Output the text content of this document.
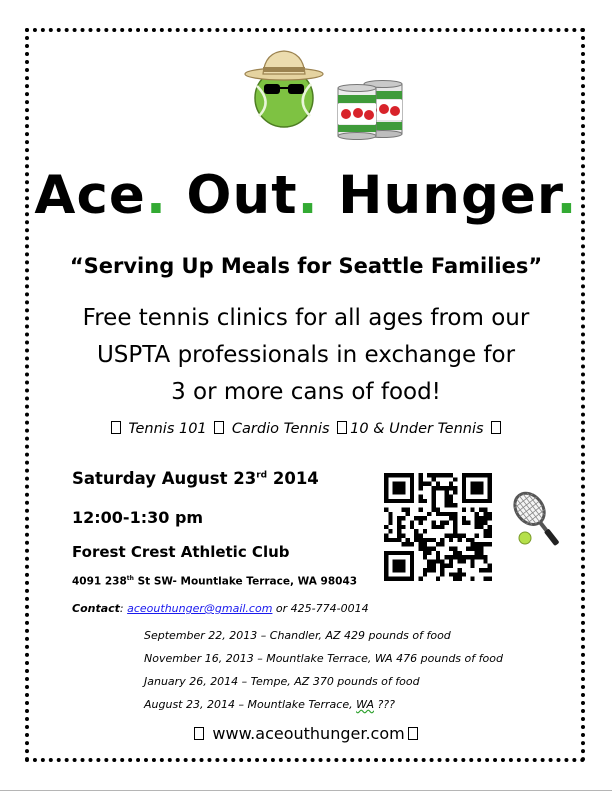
Ace. Out. Hunger.
“Serving Up Meals for Seattle Families”
Free tennis clinics for all ages from our
USPTA professionals in exchange for
3 or more cans of food!
Tennis 101 Cardio Tennis 10 & Under Tennis
Saturday August 23rd 2014
12:00-1:30 pm
Forest Crest Athletic Club
4091 238th St SW- Mountlake Terrace, WA 98043
Contact: aceouthunger@gmail.com or 425-774-0014
September 22, 2013 – Chandler, AZ 429 pounds of food
November 16, 2013 – Mountlake Terrace, WA 476 pounds of food
January 26, 2014 – Tempe, AZ 370 pounds of food
August 23, 2014 – Mountlake Terrace, WA ???
www.aceouthunger.com
